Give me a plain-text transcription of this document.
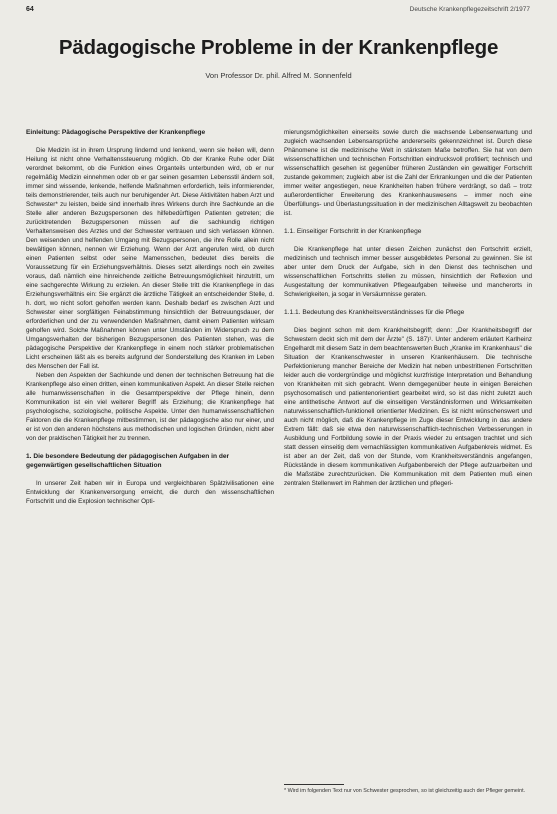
64	Deutsche Krankenpflegezeitschrift 2/1977
Pädagogische Probleme in der Krankenpflege

Von Professor Dr. phil. Alfred M. Sonnenfeld

Einleitung: Pädagogische Perspektive der Krankenpflege

Die Medizin ist in ihrem Ursprung lindernd und lenkend, wenn sie heilen will, denn Heilung ist nicht ohne Verhaltenssteuerung möglich. Ob der Kranke Ruhe oder Diät verordnet bekommt, ob die Funktion eines Organteils unterbunden wird, ob er nur regelmäßig Medizin einnehmen oder ob er gar seinen gesamten Lebensstil ändern soll, immer sind wissende, lenkende, helfende Maßnahmen erforderlich, teils informierender, teils demonstrierender, teils auch nur beruhigender Art. Diese Aktivitäten haben Arzt und Schwester* zu leisten, beide sind innerhalb ihres Wirkens durch ihre Sachkunde an die Stelle aller anderen Bezugspersonen des hilfebedürftigen Patienten getreten; die zurücktretenden Bezugspersonen müssen auf die sachkundig richtigen Verhaltensweisen des Arztes und der Schwester vertrauen und sich verlassen können. Den weisenden und helfenden Umgang mit Bezugspersonen, die ihre Rolle allein nicht bewältigen können, nennen wir Erziehung. Wenn der Arzt angerufen wird, ob durch einen Patienten selbst oder seine Mamensschen, bedeutet dies bereits die Voraussetzung für ein Erziehungsverhältnis. Dieses setzt allerdings noch ein zweites voraus, daß nämlich eine hinreichende zeitliche Betreuungsmöglichkeit hinzutritt, um eine sachgerechte Wirkung zu erzielen. An dieser Stelle tritt die Krankenpflege in das Erziehungsverhältnis ein: Sie ergänzt die ärztliche Tätigkeit an entscheidender Stelle, d. h. dort, wo nicht sofort geholfen werden kann. Deshalb bedarf es zwischen Arzt und Schwester einer sorgfältigen Feinabstimmung hinsichtlich der Betreuungsdauer, der erforderlichen und der zu verwendenden Maßnahmen, damit einem Patienten wirksam geholfen wird. Solche Maßnahmen können unter Umständen im Widerspruch zu dem Umgangsverhalten der bisherigen Bezugspersonen des Patienten stehen, was die pädagogische Perspektive der Krankenpflege in einem noch stärker problematischen Licht erscheinen läßt als es bereits aufgrund der Sonderstellung des Kranken im Leben des Menschen der Fall ist.

Neben den Aspekten der Sachkunde und denen der technischen Betreuung hat die Krankenpflege also einen dritten, einen kommunikativen Aspekt. An dieser Stelle reichen alle humanwissenschaften in die Gesamtperspektive der Pflege hinein, denn Kommunikation ist ein viel weiterer Begriff als Erziehung; die Krankenpflege hat psychologische, soziologische, politische Aspekte. Unter den humanwissenschaftlichen Faktoren die die Krankenpflege mitbestimmen, ist der pädagogische also nur einer, und er ist von den anderen höchstens aus methodischen und logischen Gründen, nicht aber von der praktischen Tätigkeit her zu trennen.

1. Die besondere Bedeutung der pädagogischen Aufgaben in der gegenwärtigen gesellschaftlichen Situation

In unserer Zeit haben wir in Europa und vergleichbaren Spätzivilisationen eine Entwicklung der Krankenversorgung erreicht, die durch den wissenschaftlichen Fortschritt und die Explosion technischer Opti-

mierungsmöglichkeiten einerseits sowie durch die wachsende Lebenserwartung und zugleich wachsenden Lebensansprüche andererseits gekennzeichnet ist. Durch diese Phänomene ist die medizinische Welt in stärkstem Maße betroffen. Sie hat von dem wissenschaftlichen und technischen Fortschritten eindrucksvoll profitiert; technisch und wissenschaftlich gesehen ist gegenüber früheren Zuständen ein gewaltiger Fortschritt zustande gekommen; zugleich aber ist die Zahl der Erkrankungen und die der Patienten immer weiter angestiegen, neue Krankheiten haben frühere verdrängt, so daß – trotz außerordentlicher Erweiterung des Krankenhauswesens – immer noch eine Überfüllungs- und Überlastungssituation in der medizinischen Alltagswelt zu beobachten ist.

1.1. Einseitiger Fortschritt in der Krankenpflege

Die Krankenpflege hat unter diesen Zeichen zunächst den Fortschritt erzielt, medizinisch und technisch immer besser ausgebildetes Personal zu gewinnen. Sie ist aber unter dem Druck der Aufgabe, sich in den Dienst des technischen und wissenschaftlichen Fortschritts stellen zu müssen, hinsichtlich der Reflexion und Ausgestaltung der kommunikativen Pflegeaufgaben teilweise und mancherorts in Schwierigkeiten, ja sogar in Versäumnisse geraten.

1.1.1. Bedeutung des Krankheitsverständnisses für die Pflege

Dies beginnt schon mit dem Krankheitsbegriff; denn: „Der Krankheitsbegriff der Schwestern deckt sich mit dem der Ärzte" (S. 187)¹. Unter anderem erläutert Karlheinz Engelhardt mit diesem Satz in dem beachtenswerten Buch „Kranke im Krankenhaus" die Situation der Krankenschwester in unseren Krankenhäusern. Die technische Perfektionierung mancher Bereiche der Medizin hat neben unbestrittenen Fortschritten leider auch die vordergründige und möglichst kurzfristige Interpretation und Behandlung von Krankheiten mit sich gebracht. Wenn demgegenüber heute in einigen Bereichen psychosomatisch und patientenorientiert gearbeitet wird, so ist das nicht zuletzt auch eine antithetische Antwort auf die einseitigen Verständnisformen und Wirksamkeiten naturwissenschaftlich-funktionell orientierter Medizinen. Es ist nicht wünschenswert und auch nicht möglich, daß die Krankenpflege im Zuge dieser Entwicklung in das andere Extrem fällt: daß sie etwa den naturwissenschaftlich-technischen Verbesserungen in Ausbildung und Fortbildung sowie in der Praxis wieder zu entsagen trachtet und sich statt dessen einseitig dem vernachlässigten kommunikativen Aufgabenkreis widmet. Es ist aber an der Zeit, daß von der Stunde, vom Krankheitsverständnis angefangen, Rückstände in diesem kommunikativen Aufgabenbereich der Pflege aufzuarbeiten und die Maßstäbe zurechtzurücken. Die Kommunikation mit dem Patienten muß einen zentralen Stellenwert im Rahmen der ärztlichen und pflegeri-

* Wird im folgenden Text nur von Schwester gesprochen, so ist gleichzeitig auch der Pfleger gemeint.
